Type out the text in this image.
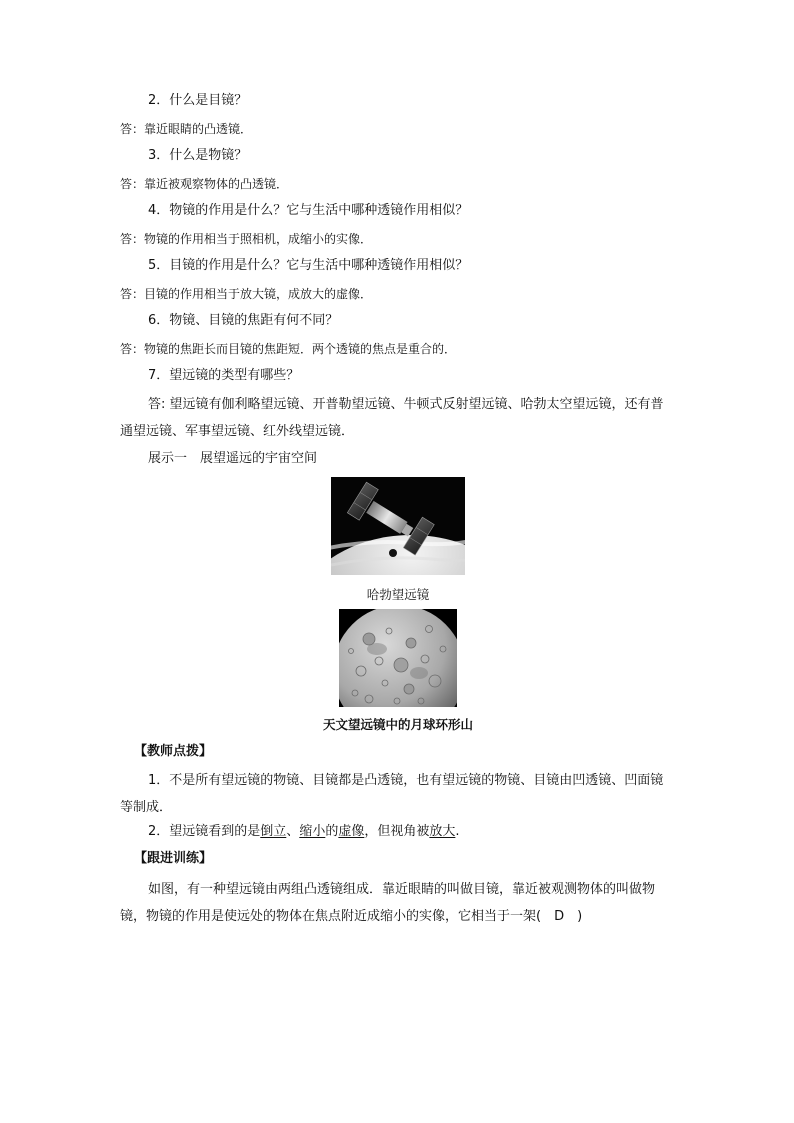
2．什么是目镜？
答：靠近眼睛的凸透镜．
3．什么是物镜？
答：靠近被观察物体的凸透镜．
4．物镜的作用是什么？它与生活中哪种透镜作用相似？
答：物镜的作用相当于照相机，成缩小的实像．
5．目镜的作用是什么？它与生活中哪种透镜作用相似？
答：目镜的作用相当于放大镜，成放大的虚像．
6．物镜、目镜的焦距有何不同？
答：物镜的焦距长而目镜的焦距短．两个透镜的焦点是重合的．
7．望远镜的类型有哪些？
答: 望远镜有伽利略望远镜、开普勒望远镜、牛顿式反射望远镜、哈勃太空望远镜，还有普通望远镜、军事望远镜、红外线望远镜．
展示一　展望遥远的宇宙空间
哈勃望远镜
天文望远镜中的月球环形山
【教师点拨】
1．不是所有望远镜的物镜、目镜都是凸透镜，也有望远镜的物镜、目镜由凹透镜、凹面镜等制成．
2．望远镜看到的是倒立、缩小的虚像，但视角被放大.
【跟进训练】
如图，有一种望远镜由两组凸透镜组成．靠近眼睛的叫做目镜，靠近被观测物体的叫做物镜，物镜的作用是使远处的物体在焦点附近成缩小的实像，它相当于一架(　D　)
